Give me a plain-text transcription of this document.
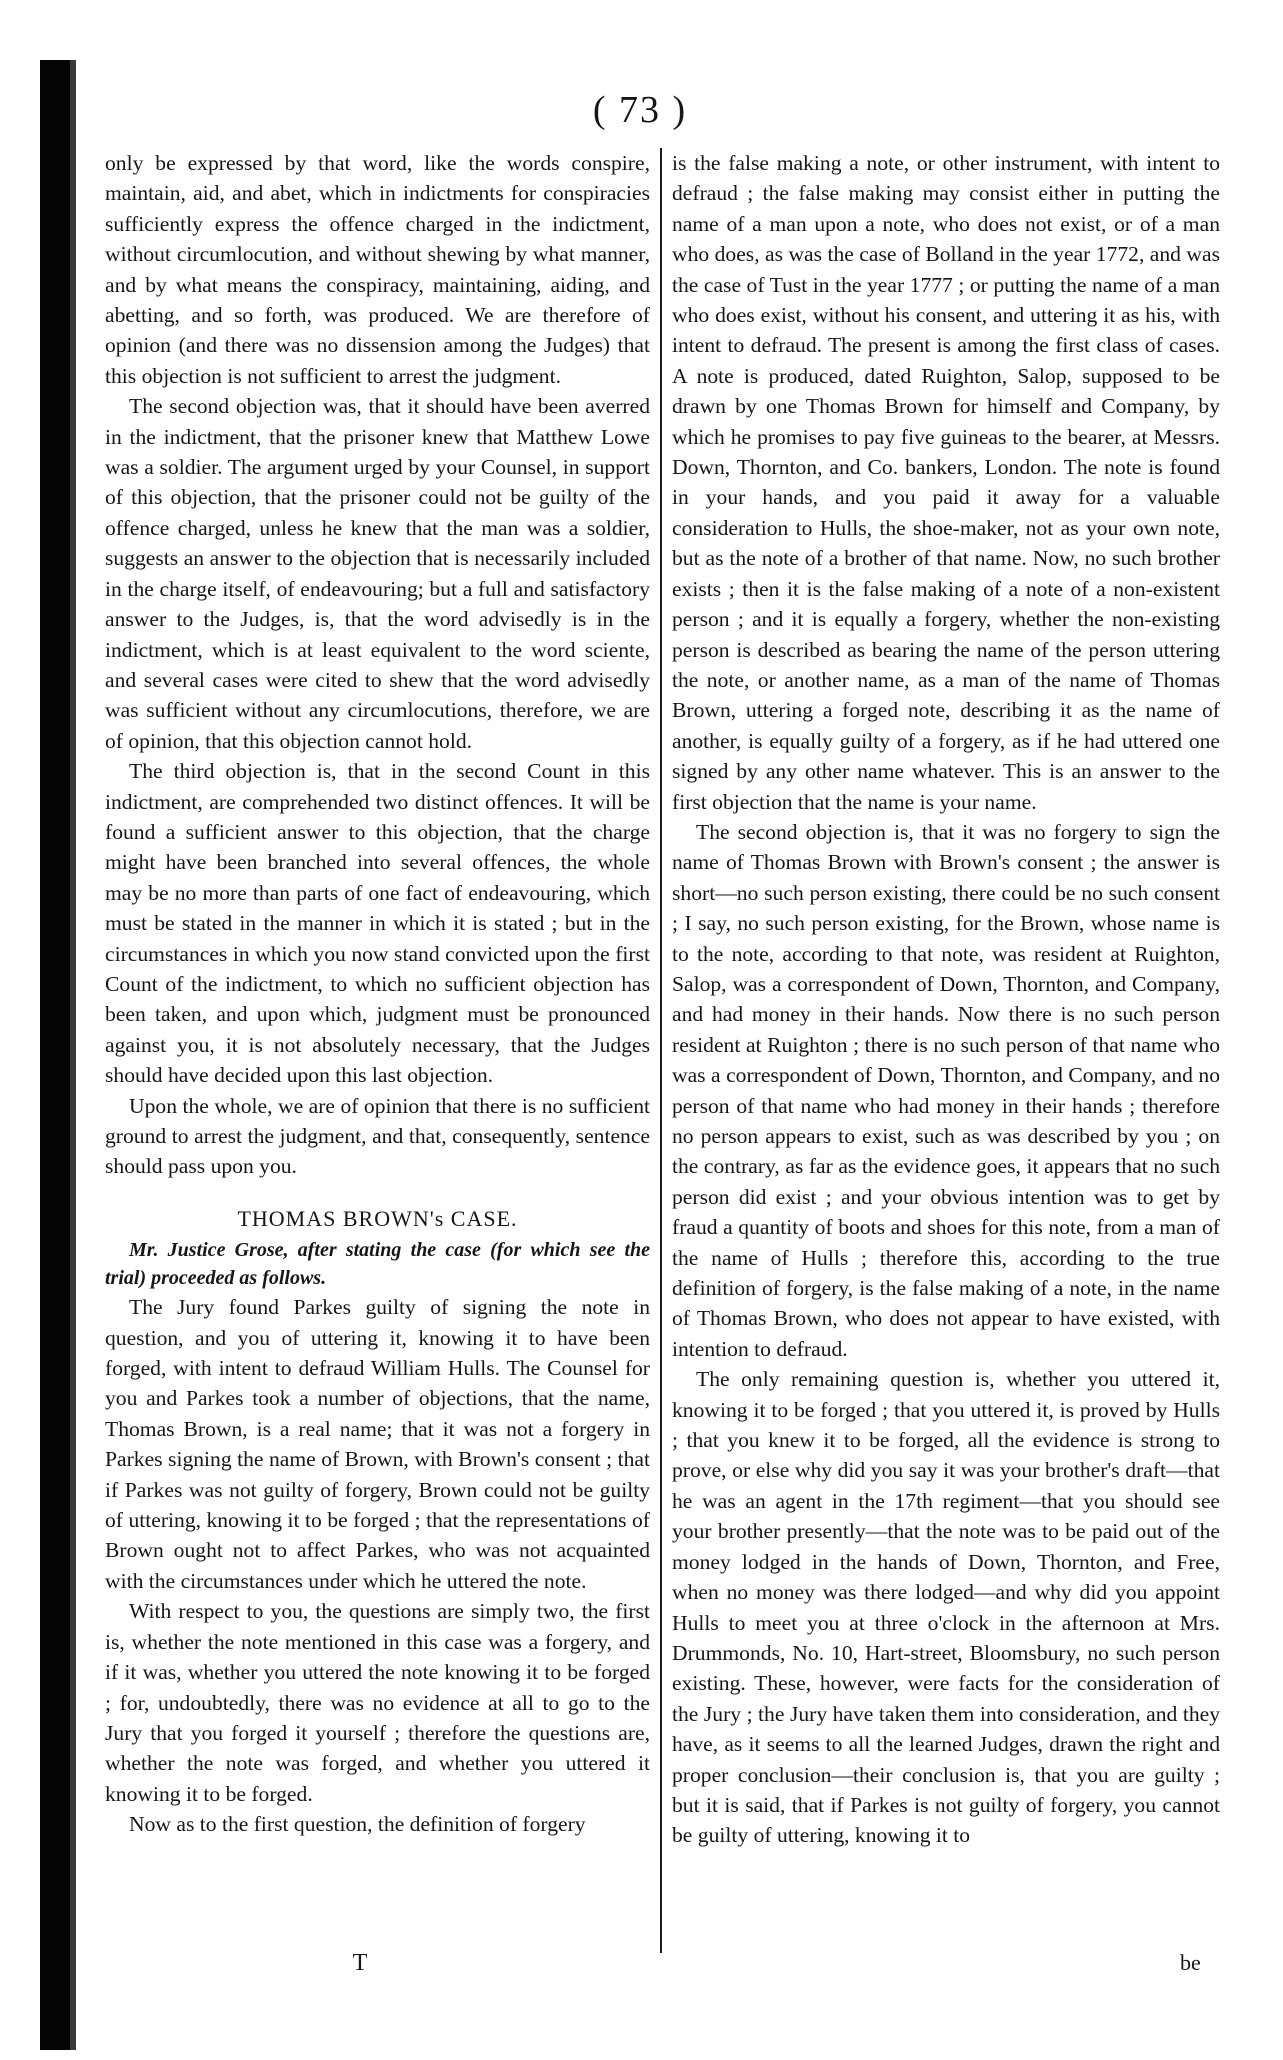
( 73 )

only be expressed by that word, like the words conspire, maintain, aid, and abet, which in indictments for conspiracies sufficiently express the offence charged in the indictment, without circumlocution, and without shewing by what manner, and by what means the conspiracy, maintaining, aiding, and abetting, and so forth, was produced. We are therefore of opinion (and there was no dissension among the Judges) that this objection is not sufficient to arrest the judgment.

The second objection was, that it should have been averred in the indictment, that the prisoner knew that Matthew Lowe was a soldier. The argument urged by your Counsel, in support of this objection, that the prisoner could not be guilty of the offence charged, unless he knew that the man was a soldier, suggests an answer to the objection that is necessarily included in the charge itself, of endeavouring; but a full and satisfactory answer to the Judges, is, that the word advisedly is in the indictment, which is at least equivalent to the word sciente, and several cases were cited to shew that the word advisedly was sufficient without any circumlocutions, therefore, we are of opinion, that this objection cannot hold.

The third objection is, that in the second Count in this indictment, are comprehended two distinct offences. It will be found a sufficient answer to this objection, that the charge might have been branched into several offences, the whole may be no more than parts of one fact of endeavouring, which must be stated in the manner in which it is stated ; but in the circumstances in which you now stand convicted upon the first Count of the indictment, to which no sufficient objection has been taken, and upon which, judgment must be pronounced against you, it is not absolutely necessary, that the Judges should have decided upon this last objection.

Upon the whole, we are of opinion that there is no sufficient ground to arrest the judgment, and that, consequently, sentence should pass upon you.

THOMAS BROWN's CASE.

Mr. Justice Grose, after stating the case (for which see the trial) proceeded as follows.

The Jury found Parkes guilty of signing the note in question, and you of uttering it, knowing it to have been forged, with intent to defraud William Hulls. The Counsel for you and Parkes took a number of objections, that the name, Thomas Brown, is a real name; that it was not a forgery in Parkes signing the name of Brown, with Brown's consent ; that if Parkes was not guilty of forgery, Brown could not be guilty of uttering, knowing it to be forged ; that the representations of Brown ought not to affect Parkes, who was not acquainted with the circumstances under which he uttered the note.

With respect to you, the questions are simply two, the first is, whether the note mentioned in this case was a forgery, and if it was, whether you uttered the note knowing it to be forged ; for, undoubtedly, there was no evidence at all to go to the Jury that you forged it yourself ; therefore the questions are, whether the note was forged, and whether you uttered it knowing it to be forged.

Now as to the first question, the definition of forgery

is the false making a note, or other instrument, with intent to defraud ; the false making may consist either in putting the name of a man upon a note, who does not exist, or of a man who does, as was the case of Bolland in the year 1772, and was the case of Tust in the year 1777 ; or putting the name of a man who does exist, without his consent, and uttering it as his, with intent to defraud. The present is among the first class of cases. A note is produced, dated Ruighton, Salop, supposed to be drawn by one Thomas Brown for himself and Company, by which he promises to pay five guineas to the bearer, at Messrs. Down, Thornton, and Co. bankers, London. The note is found in your hands, and you paid it away for a valuable consideration to Hulls, the shoe-maker, not as your own note, but as the note of a brother of that name. Now, no such brother exists ; then it is the false making of a note of a non-existent person ; and it is equally a forgery, whether the non-existing person is described as bearing the name of the person uttering the note, or another name, as a man of the name of Thomas Brown, uttering a forged note, describing it as the name of another, is equally guilty of a forgery, as if he had uttered one signed by any other name whatever. This is an answer to the first objection that the name is your name.

The second objection is, that it was no forgery to sign the name of Thomas Brown with Brown's consent ; the answer is short—no such person existing, there could be no such consent ; I say, no such person existing, for the Brown, whose name is to the note, according to that note, was resident at Ruighton, Salop, was a correspondent of Down, Thornton, and Company, and had money in their hands. Now there is no such person resident at Ruighton ; there is no such person of that name who was a correspondent of Down, Thornton, and Company, and no person of that name who had money in their hands ; therefore no person appears to exist, such as was described by you ; on the contrary, as far as the evidence goes, it appears that no such person did exist ; and your obvious intention was to get by fraud a quantity of boots and shoes for this note, from a man of the name of Hulls ; therefore this, according to the true definition of forgery, is the false making of a note, in the name of Thomas Brown, who does not appear to have existed, with intention to defraud.

The only remaining question is, whether you uttered it, knowing it to be forged ; that you uttered it, is proved by Hulls ; that you knew it to be forged, all the evidence is strong to prove, or else why did you say it was your brother's draft—that he was an agent in the 17th regiment—that you should see your brother presently—that the note was to be paid out of the money lodged in the hands of Down, Thornton, and Free, when no money was there lodged—and why did you appoint Hulls to meet you at three o'clock in the afternoon at Mrs. Drummonds, No. 10, Hart-street, Bloomsbury, no such person existing. These, however, were facts for the consideration of the Jury ; the Jury have taken them into consideration, and they have, as it seems to all the learned Judges, drawn the right and proper conclusion—their conclusion is, that you are guilty ; but it is said, that if Parkes is not guilty of forgery, you cannot be guilty of uttering, knowing it to

T	be
